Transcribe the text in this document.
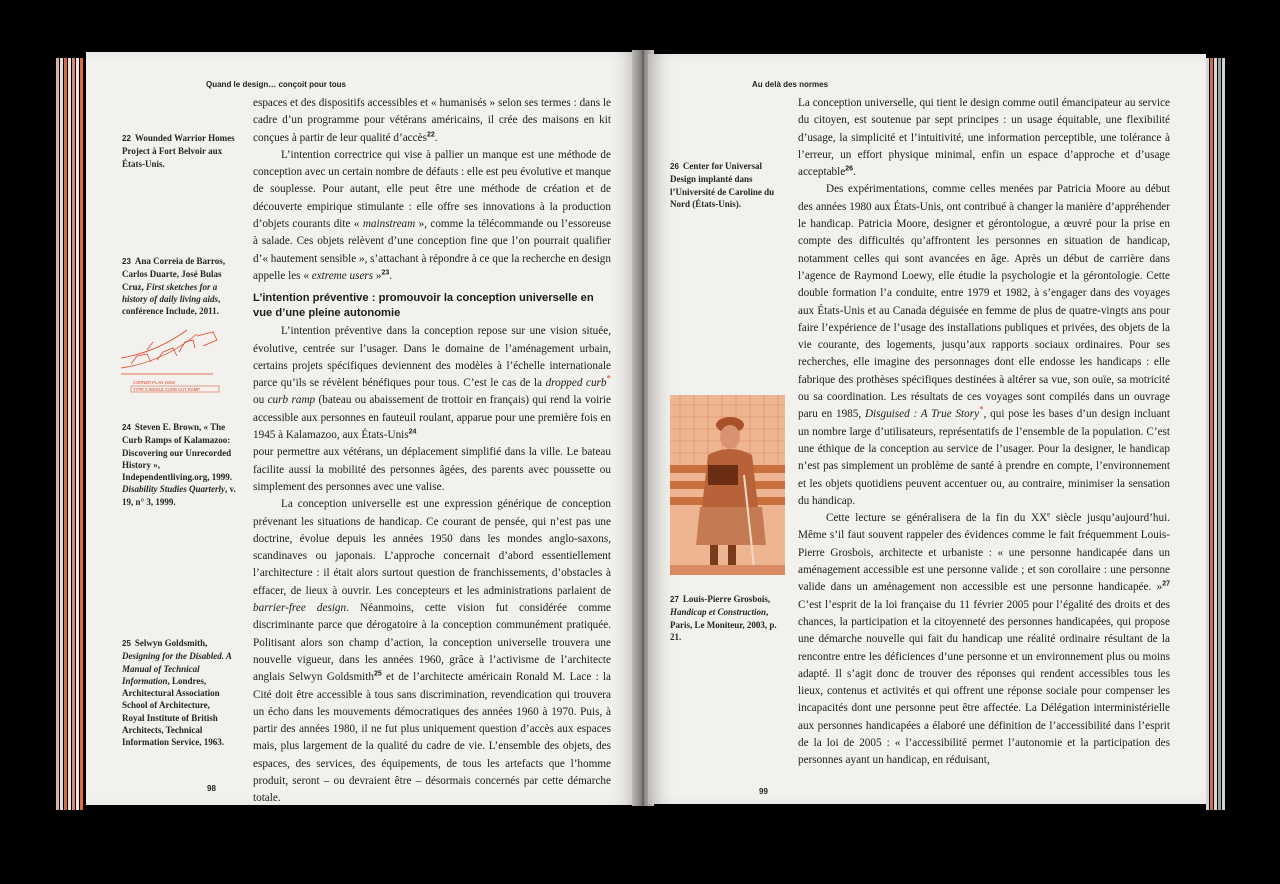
Quand le design… conçoit pour tous
22 Wounded Warrior Homes Project à Fort Belvoir aux États-Unis.
23 Ana Correia de Barros, Carlos Duarte, José Bulas Cruz, First sketches for a history of daily living aids, conférence Include, 2011.
CORNER PLAN VIEW
TYPE 3 SINGLE CURB CUT RAMP
24 Steven E. Brown, « The Curb Ramps of Kalamazoo: Discovering our Unrecorded History », Independentliving.org, 1999. Disability Studies Quarterly, v. 19, n° 3, 1999.
25 Selwyn Goldsmith, Designing for the Disabled. A Manual of Technical Information, Londres, Architectural Association School of Architecture, Royal Institute of British Architects, Technical Information Service, 1963.

espaces et des dispositifs accessibles et « humanisés » selon ses termes : dans le cadre d’un programme pour vétérans américains, il crée des maisons en kit conçues à partir de leur qualité d’accès$^{22}$.

L’intention correctrice qui vise à pallier un manque est une méthode de conception avec un certain nombre de défauts : elle est peu évolutive et manque de souplesse. Pour autant, elle peut être une méthode de création et de découverte empirique stimulante : elle offre ses innovations à la production d’objets courants dite « mainstream », comme la télécommande ou l’essoreuse à salade. Ces objets relèvent d’une conception fine que l’on pourrait qualifier d’« hautement sensible », s’attachant à répondre à ce que la recherche en design appelle les « extreme users »$^{23}$.

L’intention préventive : promouvoir la conception universelle en vue d’une pleine autonomie

L’intention préventive dans la conception repose sur une vision située, évolutive, centrée sur l’usager. Dans le domaine de l’aménagement urbain, certains projets spécifiques deviennent des modèles à l’échelle internationale parce qu’ils se révèlent bénéfiques pour tous. C’est le cas de la dropped curb* ou curb ramp (bateau ou abaissement de trottoir en français) qui rend la voirie accessible aux personnes en fauteuil roulant, apparue pour une première fois en 1945 à Kalamazoo, aux États-Unis$^{24}$

pour permettre aux vétérans, un déplacement simplifié dans la ville. Le bateau facilite aussi la mobilité des personnes âgées, des parents avec poussette ou simplement des personnes avec une valise.

La conception universelle est une expression générique de conception prévenant les situations de handicap. Ce courant de pensée, qui n’est pas une doctrine, évolue depuis les années 1950 dans les mondes anglo-saxons, scandinaves ou japonais. L’approche concernait d’abord essentiellement l’architecture : il était alors surtout question de franchissements, d’obstacles à effacer, de lieux à ouvrir. Les concepteurs et les administrations parlaient de barrier-free design. Néanmoins, cette vision fut considérée comme discriminante parce que dérogatoire à la conception communément pratiquée. Politisant alors son champ d’action, la conception universelle trouvera une nouvelle vigueur, dans les années 1960, grâce à l’activisme de l’architecte anglais Selwyn Goldsmith$^{25}$ et de l’architecte américain Ronald M. Lace : la Cité doit être accessible à tous sans discrimination, revendication qui trouvera un écho dans les mouvements démocratiques des années 1960 à 1970. Puis, à partir des années 1980, il ne fut plus uniquement question d’accès aux espaces mais, plus largement de la qualité du cadre de vie. L’ensemble des objets, des espaces, des services, des équipements, de tous les artefacts que l’homme produit, seront – ou devraient être – désormais concernés par cette démarche totale.

98
Au delà des normes
26 Center for Universal Design implanté dans l’Université de Caroline du Nord (États-Unis).
27 Louis-Pierre Grosbois, Handicap et Construction, Paris, Le Moniteur, 2003, p. 21.

La conception universelle, qui tient le design comme outil émancipateur au service du citoyen, est soutenue par sept principes : un usage équitable, une flexibilité d’usage, la simplicité et l’intuitivité, une information perceptible, une tolérance à l’erreur, un effort physique minimal, enfin un espace d’approche et d’usage acceptable$^{26}$.

Des expérimentations, comme celles menées par Patricia Moore au début des années 1980 aux États-Unis, ont contribué à changer la manière d’appréhender le handicap. Patricia Moore, designer et gérontologue, a œuvré pour la prise en compte des difficultés qu’affrontent les personnes en situation de handicap, notamment celles qui sont avancées en âge. Après un début de carrière dans l’agence de Raymond Loewy, elle étudie la psychologie et la gérontologie. Cette double formation l’a conduite, entre 1979 et 1982, à s’engager dans des voyages aux États-Unis et au Canada déguisée en femme de plus de quatre-vingts ans pour faire l’expérience de l’usage des installations publiques et privées, des objets de la vie courante, des logements, jusqu’aux rapports sociaux ordinaires. Pour ses recherches, elle imagine des personnages dont elle endosse les handicaps : elle fabrique des prothèses spécifiques destinées à altérer sa vue, son ouïe, sa motricité ou sa coordination. Les résultats de ces voyages sont compilés dans un ouvrage paru en 1985, Disguised : A True Story*, qui pose les bases d’un design incluant un nombre large d’utilisateurs, représentatifs de l’ensemble de la population. C’est une éthique de la conception au service de l’usager. Pour la designer, le handicap n’est pas simplement un problème de santé à prendre en compte, l’environnement et les objets quotidiens peuvent accentuer ou, au contraire, minimiser la sensation du handicap.

Cette lecture se généralisera de la fin du XXe siècle jusqu’aujourd’hui. Même s’il faut souvent rappeler des évidences comme le fait fréquemment Louis-Pierre Grosbois, architecte et urbaniste : « une personne handicapée dans un aménagement accessible est une personne valide ; et son corollaire : une personne valide dans un aménagement non accessible est une personne handicapée. »$^{27}$ C’est l’esprit de la loi française du 11 février 2005 pour l’égalité des droits et des chances, la participation et la citoyenneté des personnes handicapées, qui propose une démarche nouvelle qui fait du handicap une réalité ordinaire résultant de la rencontre entre les déficiences d’une personne et un environnement plus ou moins adapté. Il s’agit donc de trouver des réponses qui rendent accessibles tous les lieux, contenus et activités et qui offrent une réponse sociale pour compenser les incapacités dont une personne peut être affectée. La Délégation interministérielle aux personnes handicapées a élaboré une définition de l’accessibilité dans l’esprit de la loi de 2005 : « l’accessibilité permet l’autonomie et la participation des personnes ayant un handicap, en réduisant,

99
